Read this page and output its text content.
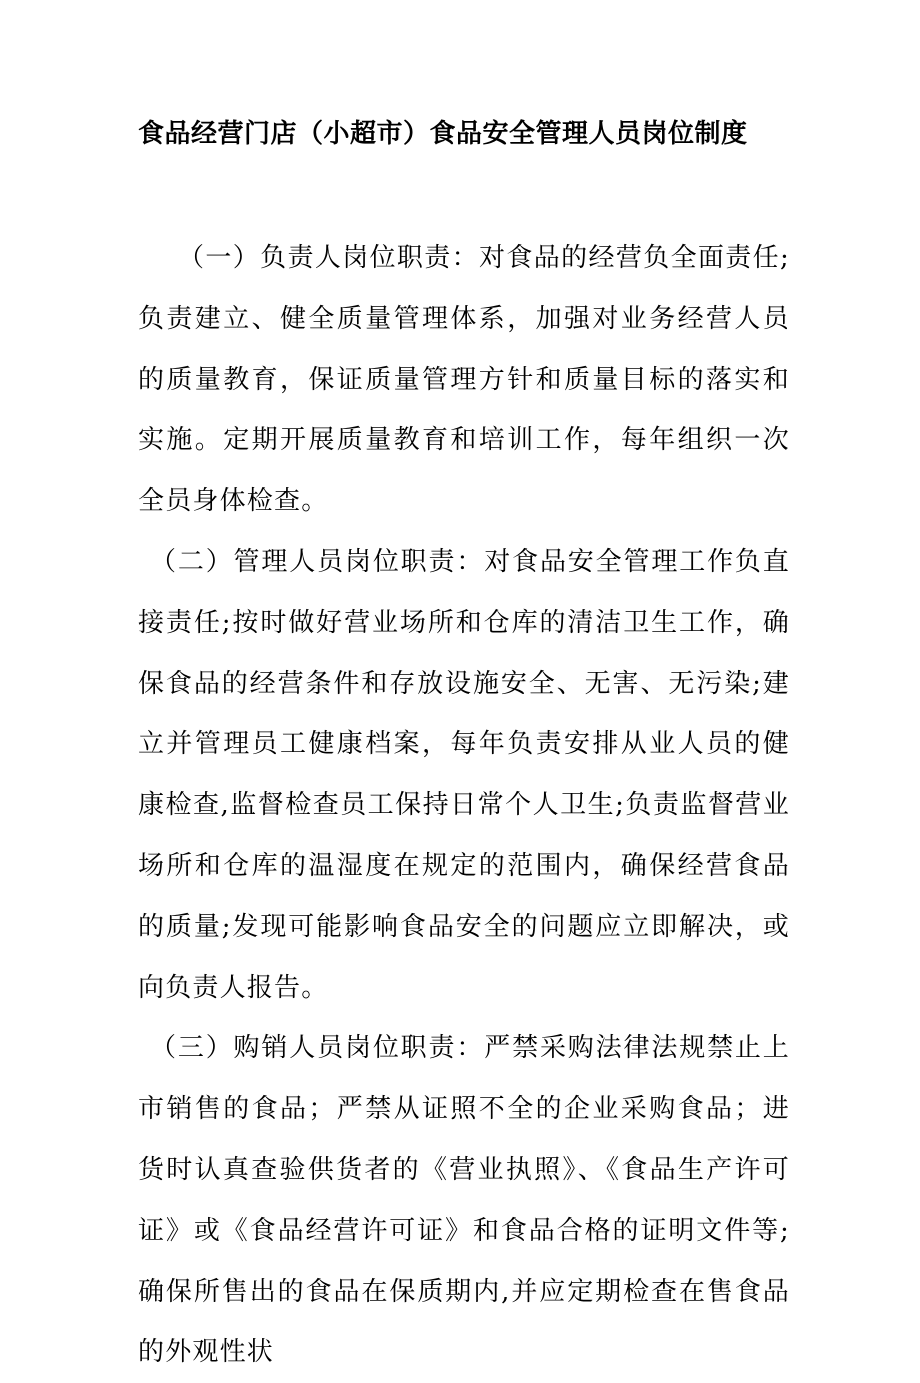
食品经营门店（小超市）食品安全管理人员岗位制度

（一）负责人岗位职责：对食品的经营负全面责任;负责建立、健全质量管理体系，加强对业务经营人员的质量教育，保证质量管理方针和质量目标的落实和实施。定期开展质量教育和培训工作，每年组织一次全员身体检查。

（二）管理人员岗位职责：对食品安全管理工作负直接责任;按时做好营业场所和仓库的清洁卫生工作，确保食品的经营条件和存放设施安全、无害、无污染;建立并管理员工健康档案，每年负责安排从业人员的健康检查,监督检查员工保持日常个人卫生;负责监督营业场所和仓库的温湿度在规定的范围内，确保经营食品的质量;发现可能影响食品安全的问题应立即解决，或向负责人报告。

（三）购销人员岗位职责：严禁采购法律法规禁止上市销售的食品；严禁从证照不全的企业采购食品；进货时认真查验供货者的《营业执照》、《食品生产许可证》或《食品经营许可证》和食品合格的证明文件等;确保所售出的食品在保质期内,并应定期检查在售食品的外观性状
